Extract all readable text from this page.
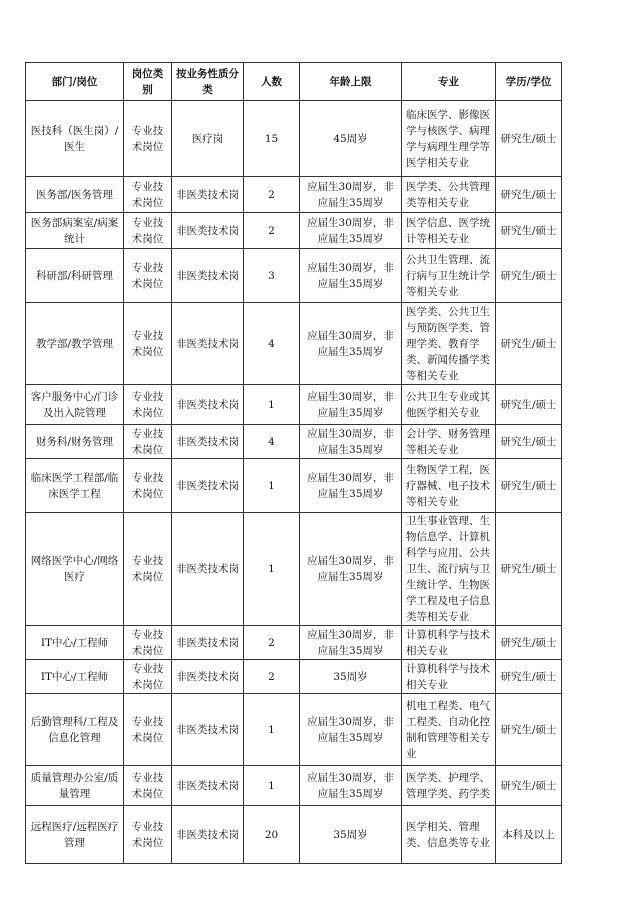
部门/岗位	岗位类别	按业务性质分类	人数	年龄上限	专业	学历/学位
医技科（医生岗）/医生	专业技术岗位	医疗岗	15	45周岁	临床医学、影像医学与核医学、病理学与病理生理学等医学相关专业	研究生/硕士
医务部/医务管理	专业技术岗位	非医类技术岗	2	应届生30周岁，非应届生35周岁	医学类、公共管理类等相关专业	研究生/硕士
医务部病案室/病案统计	专业技术岗位	非医类技术岗	2	应届生30周岁，非应届生35周岁	医学信息、医学统计等相关专业	研究生/硕士
科研部/科研管理	专业技术岗位	非医类技术岗	3	应届生30周岁，非应届生35周岁	公共卫生管理、流行病与卫生统计学等相关专业	研究生/硕士
教学部/教学管理	专业技术岗位	非医类技术岗	4	应届生30周岁，非应届生35周岁	医学类、公共卫生与预防医学类、管理学类、教育学类、新闻传播学类等相关专业	研究生/硕士
客户服务中心/门诊及出入院管理	专业技术岗位	非医类技术岗	1	应届生30周岁，非应届生35周岁	公共卫生专业或其他医学相关专业	研究生/硕士
财务科/财务管理	专业技术岗位	非医类技术岗	4	应届生30周岁，非应届生35周岁	会计学、财务管理等相关专业	研究生/硕士
临床医学工程部/临床医学工程	专业技术岗位	非医类技术岗	1	应届生30周岁，非应届生35周岁	生物医学工程，医疗器械、电子技术等相关专业	研究生/硕士
网络医学中心/网络医疗	专业技术岗位	非医类技术岗	1	应届生30周岁，非应届生35周岁	卫生事业管理、生物信息学、计算机科学与应用、公共卫生、流行病与卫生统计学、生物医学工程及电子信息类等相关专业	研究生/硕士
IT中心/工程师	专业技术岗位	非医类技术岗	2	应届生30周岁，非应届生35周岁	计算机科学与技术相关专业	研究生/硕士
IT中心/工程师	专业技术岗位	非医类技术岗	2	35周岁	计算机科学与技术相关专业	研究生/硕士
后勤管理科/工程及信息化管理	专业技术岗位	非医类技术岗	1	应届生30周岁，非应届生35周岁	机电工程类、电气工程类、自动化控制和管理等相关专业	研究生/硕士
质量管理办公室/质量管理	专业技术岗位	非医类技术岗	1	应届生30周岁，非应届生35周岁	医学类、护理学、管理学类、药学类	研究生/硕士
远程医疗/远程医疗管理	专业技术岗位	非医类技术岗	20	35周岁	医学相关、管理类、信息类等专业	本科及以上
